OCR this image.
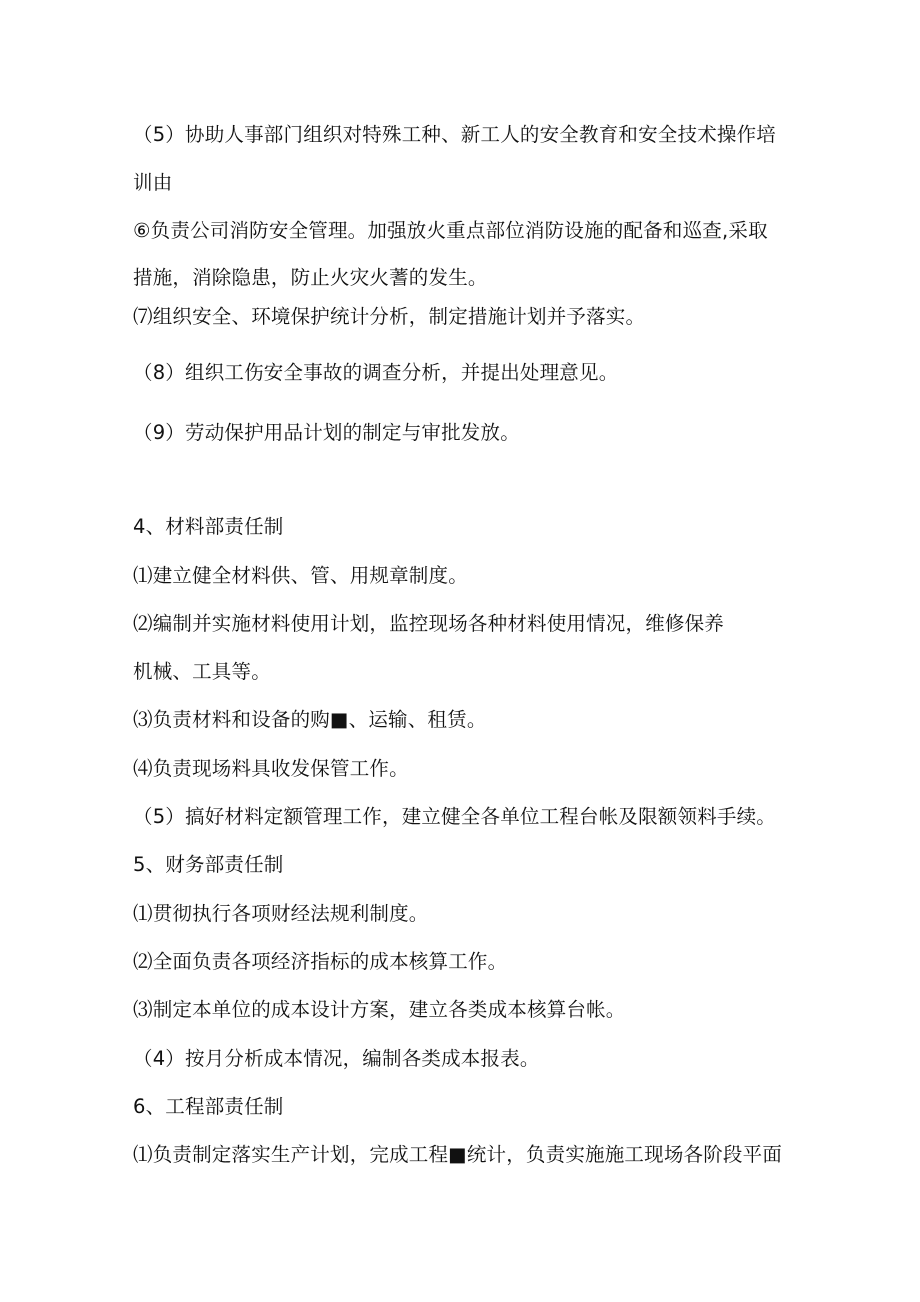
（5）协助人事部门组织对特殊工种、新工人的安全教育和安全技术操作培

训由

⑥负责公司消防安全管理。加强放火重点部位消防设施的配备和巡查,采取

措施，消除隐患，防止火灾火蓍的发生。

⑺组织安全、环境保护统计分析，制定措施计划并予落实。

（8）组织工伤安全事故的调查分析，并提出处理意见。

（9）劳动保护用品计划的制定与审批发放。

4、材料部责任制

⑴建立健全材料供、管、用规章制度。

⑵编制并实施材料使用计划，监控现场各种材料使用情况，维修保养

机械、工具等。

⑶负责材料和设备的购■、运输、租赁。

⑷负责现场料具收发保管工作。

（5）搞好材料定额管理工作，建立健全各单位工程台帐及限额领料手续。

5、财务部责任制

⑴贯彻执行各项财经法规利制度。

⑵全面负责各项经济指标的成本核算工作。

⑶制定本单位的成本设计方案，建立各类成本核算台帐。

（4）按月分析成本情况，编制各类成本报表。

6、工程部责任制

⑴负责制定落实生产计划，完成工程■统计，负责实施施工现场各阶段平面
